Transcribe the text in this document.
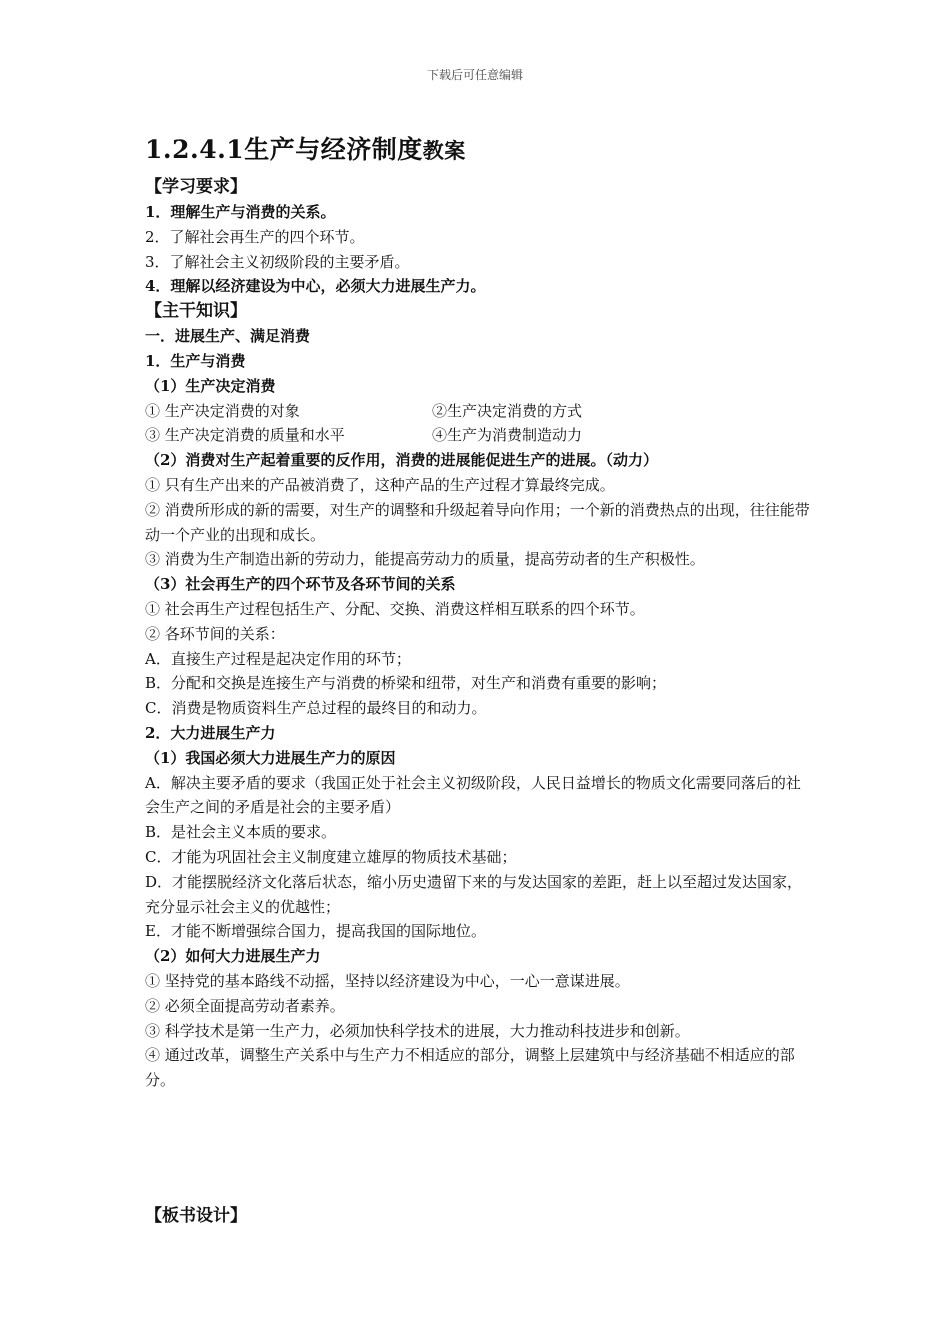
下载后可任意编辑
1.2.4.1生产与经济制度教案
【学习要求】
1．理解生产与消费的关系。
2．了解社会再生产的四个环节。
3．了解社会主义初级阶段的主要矛盾。
4．理解以经济建设为中心，必须大力进展生产力。
【主干知识】
一．进展生产、满足消费
1．生产与消费
（1）生产决定消费
① 生产决定消费的对象	②生产决定消费的方式
③ 生产决定消费的质量和水平	④生产为消费制造动力
（2）消费对生产起着重要的反作用，消费的进展能促进生产的进展。（动力）
① 只有生产出来的产品被消费了，这种产品的生产过程才算最终完成。
② 消费所形成的新的需要，对生产的调整和升级起着导向作用；一个新的消费热点的出现，往往能带动一个产业的出现和成长。
③ 消费为生产制造出新的劳动力，能提高劳动力的质量，提高劳动者的生产积极性。
（3）社会再生产的四个环节及各环节间的关系
① 社会再生产过程包括生产、分配、交换、消费这样相互联系的四个环节。
② 各环节间的关系：
A．直接生产过程是起决定作用的环节；
B．分配和交换是连接生产与消费的桥梁和纽带，对生产和消费有重要的影响；
C．消费是物质资料生产总过程的最终目的和动力。
2．大力进展生产力
（1）我国必须大力进展生产力的原因
A．解决主要矛盾的要求（我国正处于社会主义初级阶段，人民日益增长的物质文化需要同落后的社会生产之间的矛盾是社会的主要矛盾）
B．是社会主义本质的要求。
C．才能为巩固社会主义制度建立雄厚的物质技术基础；
D．才能摆脱经济文化落后状态，缩小历史遗留下来的与发达国家的差距，赶上以至超过发达国家，充分显示社会主义的优越性；
E．才能不断增强综合国力，提高我国的国际地位。
（2）如何大力进展生产力
① 坚持党的基本路线不动摇，坚持以经济建设为中心，一心一意谋进展。
② 必须全面提高劳动者素养。
③ 科学技术是第一生产力，必须加快科学技术的进展，大力推动科技进步和创新。
④ 通过改革，调整生产关系中与生产力不相适应的部分，调整上层建筑中与经济基础不相适应的部分。
【板书设计】
